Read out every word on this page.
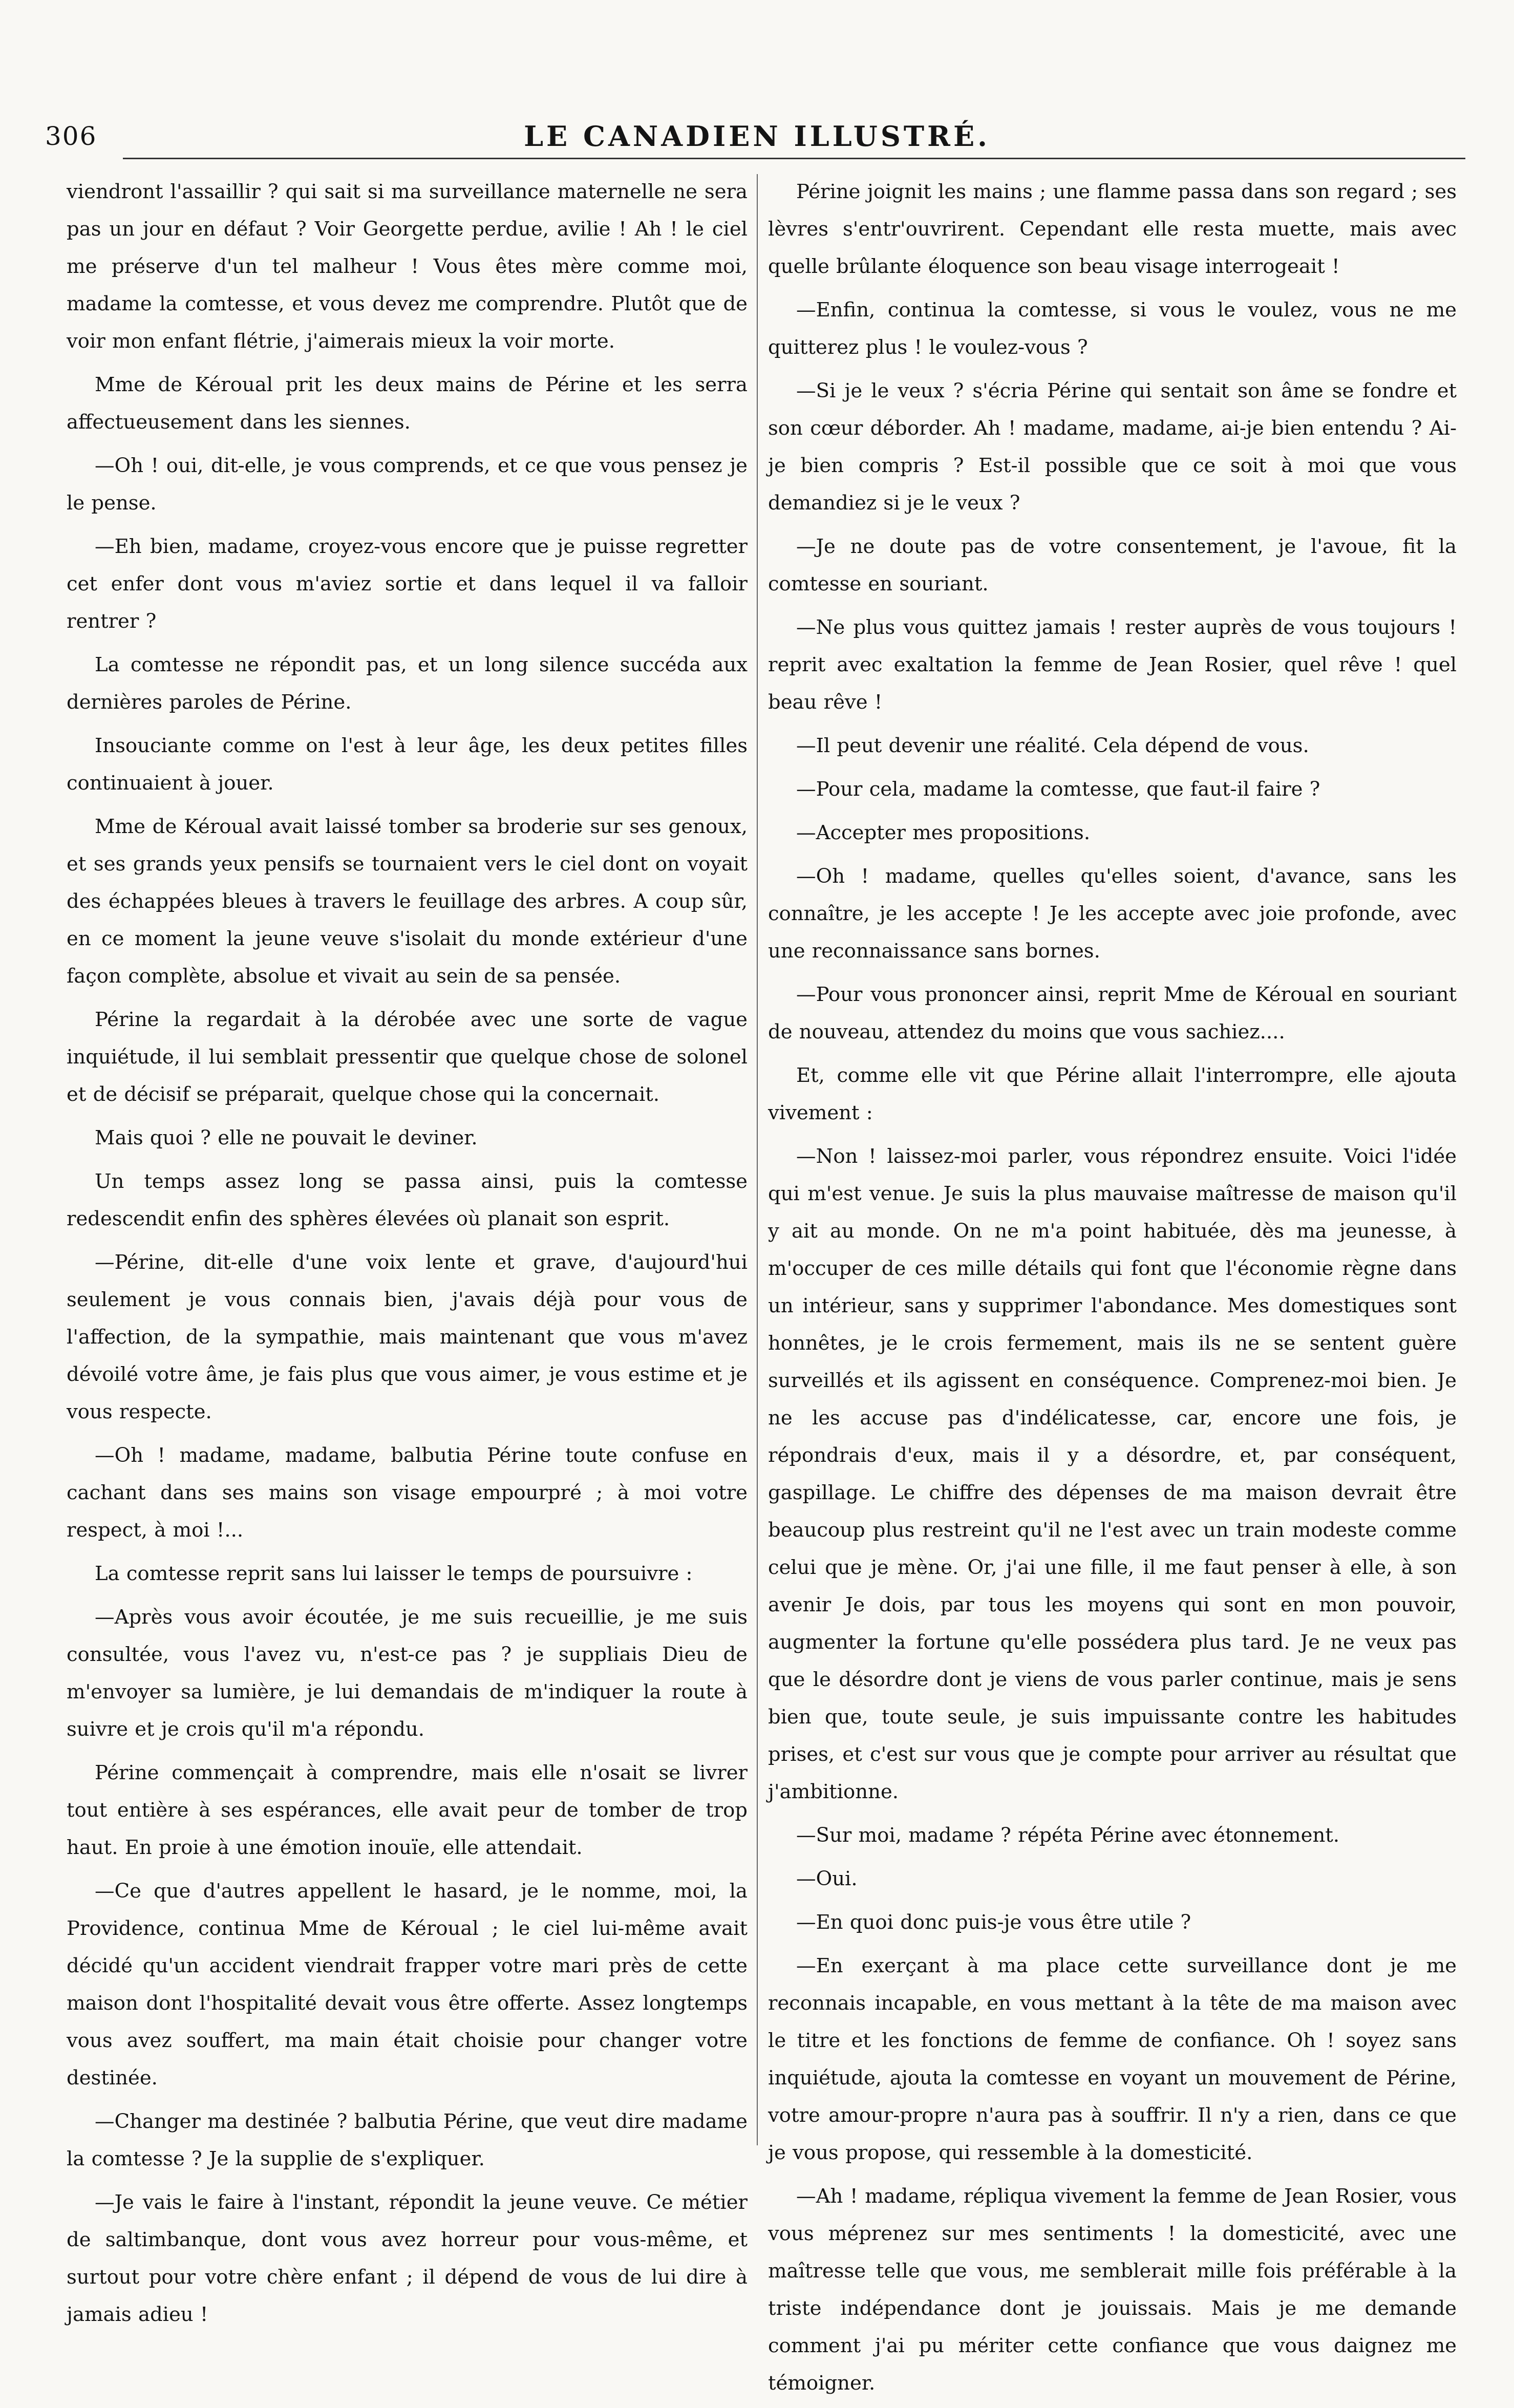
306	LE CANADIEN ILLUSTRÉ.

viendront l'assaillir ? qui sait si ma surveillance maternelle ne sera pas un jour en défaut ? Voir Georgette perdue, avilie ! Ah ! le ciel me préserve d'un tel malheur ! Vous êtes mère comme moi, madame la comtesse, et vous devez me comprendre. Plutôt que de voir mon enfant flétrie, j'aimerais mieux la voir morte.

Mme de Kéroual prit les deux mains de Périne et les serra affectueusement dans les siennes.

—Oh ! oui, dit-elle, je vous comprends, et ce que vous pensez je le pense.

—Eh bien, madame, croyez-vous encore que je puisse regretter cet enfer dont vous m'aviez sortie et dans lequel il va falloir rentrer ?

La comtesse ne répondit pas, et un long silence succéda aux dernières paroles de Périne.

Insouciante comme on l'est à leur âge, les deux petites filles continuaient à jouer.

Mme de Kéroual avait laissé tomber sa broderie sur ses genoux, et ses grands yeux pensifs se tournaient vers le ciel dont on voyait des échappées bleues à travers le feuillage des arbres. A coup sûr, en ce moment la jeune veuve s'isolait du monde extérieur d'une façon complète, absolue et vivait au sein de sa pensée.

Périne la regardait à la dérobée avec une sorte de vague inquiétude, il lui semblait pressentir que quelque chose de solonel et de décisif se préparait, quelque chose qui la concernait.

Mais quoi ? elle ne pouvait le deviner.

Un temps assez long se passa ainsi, puis la comtesse redescendit enfin des sphères élevées où planait son esprit.

—Périne, dit-elle d'une voix lente et grave, d'aujourd'hui seulement je vous connais bien, j'avais déjà pour vous de l'affection, de la sympathie, mais maintenant que vous m'avez dévoilé votre âme, je fais plus que vous aimer, je vous estime et je vous respecte.

—Oh ! madame, madame, balbutia Périne toute confuse en cachant dans ses mains son visage empourpré ; à moi votre respect, à moi !...

La comtesse reprit sans lui laisser le temps de poursuivre :

—Après vous avoir écoutée, je me suis recueillie, je me suis consultée, vous l'avez vu, n'est-ce pas ? je suppliais Dieu de m'envoyer sa lumière, je lui demandais de m'indiquer la route à suivre et je crois qu'il m'a répondu.

Périne commençait à comprendre, mais elle n'osait se livrer tout entière à ses espérances, elle avait peur de tomber de trop haut. En proie à une émotion inouïe, elle attendait.

—Ce que d'autres appellent le hasard, je le nomme, moi, la Providence, continua Mme de Kéroual ; le ciel lui-même avait décidé qu'un accident viendrait frapper votre mari près de cette maison dont l'hospitalité devait vous être offerte. Assez longtemps vous avez souffert, ma main était choisie pour changer votre destinée.

—Changer ma destinée ? balbutia Périne, que veut dire madame la comtesse ? Je la supplie de s'expliquer.

—Je vais le faire à l'instant, répondit la jeune veuve. Ce métier de saltimbanque, dont vous avez horreur pour vous-même, et surtout pour votre chère enfant ; il dépend de vous de lui dire à jamais adieu !

Périne joignit les mains ; une flamme passa dans son regard ; ses lèvres s'entr'ouvrirent. Cependant elle resta muette, mais avec quelle brûlante éloquence son beau visage interrogeait !

—Enfin, continua la comtesse, si vous le voulez, vous ne me quitterez plus ! le voulez-vous ?

—Si je le veux ? s'écria Périne qui sentait son âme se fondre et son cœur déborder. Ah ! madame, madame, ai-je bien entendu ? Ai-je bien compris ? Est-il possible que ce soit à moi que vous demandiez si je le veux ?

—Je ne doute pas de votre consentement, je l'avoue, fit la comtesse en souriant.

—Ne plus vous quittez jamais ! rester auprès de vous toujours ! reprit avec exaltation la femme de Jean Rosier, quel rêve ! quel beau rêve !

—Il peut devenir une réalité. Cela dépend de vous.

—Pour cela, madame la comtesse, que faut-il faire ?

—Accepter mes propositions.

—Oh ! madame, quelles qu'elles soient, d'avance, sans les connaître, je les accepte ! Je les accepte avec joie profonde, avec une reconnaissance sans bornes.

—Pour vous prononcer ainsi, reprit Mme de Kéroual en souriant de nouveau, attendez du moins que vous sachiez....

Et, comme elle vit que Périne allait l'interrompre, elle ajouta vivement :

—Non ! laissez-moi parler, vous répondrez ensuite. Voici l'idée qui m'est venue. Je suis la plus mauvaise maîtresse de maison qu'il y ait au monde. On ne m'a point habituée, dès ma jeunesse, à m'occuper de ces mille détails qui font que l'économie règne dans un intérieur, sans y supprimer l'abondance. Mes domestiques sont honnêtes, je le crois fermement, mais ils ne se sentent guère surveillés et ils agissent en conséquence. Comprenez-moi bien. Je ne les accuse pas d'indélicatesse, car, encore une fois, je répondrais d'eux, mais il y a désordre, et, par conséquent, gaspillage. Le chiffre des dépenses de ma maison devrait être beaucoup plus restreint qu'il ne l'est avec un train modeste comme celui que je mène. Or, j'ai une fille, il me faut penser à elle, à son avenir Je dois, par tous les moyens qui sont en mon pouvoir, augmenter la fortune qu'elle possédera plus tard. Je ne veux pas que le désordre dont je viens de vous parler continue, mais je sens bien que, toute seule, je suis impuissante contre les habitudes prises, et c'est sur vous que je compte pour arriver au résultat que j'ambitionne.

—Sur moi, madame ? répéta Périne avec étonnement.

—Oui.

—En quoi donc puis-je vous être utile ?

—En exerçant à ma place cette surveillance dont je me reconnais incapable, en vous mettant à la tête de ma maison avec le titre et les fonctions de femme de confiance. Oh ! soyez sans inquiétude, ajouta la comtesse en voyant un mouvement de Périne, votre amour-propre n'aura pas à souffrir. Il n'y a rien, dans ce que je vous propose, qui ressemble à la domesticité.

—Ah ! madame, répliqua vivement la femme de Jean Rosier, vous vous méprenez sur mes sentiments ! la domesticité, avec une maîtresse telle que vous, me semblerait mille fois préférable à la triste indépendance dont je jouissais. Mais je me demande comment j'ai pu mériter cette confiance que vous daignez me témoigner.
